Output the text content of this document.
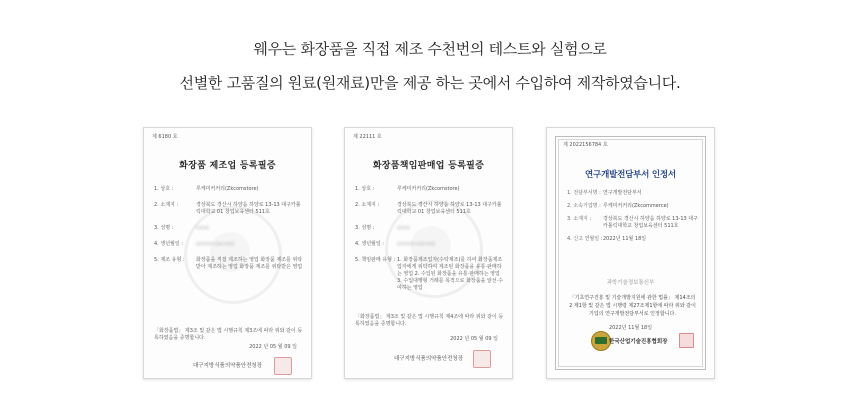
웨우는 화장품을 직접 제조 수천번의 테스트와 실험으로
선별한 고품질의 원료(원재료)만을 제공 하는 곳에서 수입하여 제작하였습니다.
제 6180 호
화장품 제조업 등록필증
1. 상호 :	루케미커커리(Zkcomstore)
2. 소재지 :	경상북도 경산시 하양읍 하양로 13-13 대구카톨릭대학교 01 창업보육센터 511호
3. 성명 :	○○○
4. 생년월일 :	○○○○-○○-○○
5. 제조 유형 :	화장품을 직접 제조하는 영업 화장품 제조를 위탁받아 제조하는 영업 화장품 제조를 위탁받은 영업
「화장품법」 제3조 및 같은 법 시행규칙 제3조에 따라 위와 같이 등록하였음을 증명합니다.
2022 년 05 월 09 일
대구지방식품의약품안전청장
제 22111 호
화장품책임판매업 등록필증
1. 상호 :	루케미커커리(Zkcomstore)
2. 소재지 :	경상북도 경산시 하양읍 하양로 13-13 대구카톨릭대학교 01 창업보육센터 511호
3. 성명 :	○○○
4. 생년월일 :	○○○○-○○-○○
5. 책임판매 유형 : 1. 화장품제조업자(수탁제조)를 하여 화장품제조업자에게 위탁하여 제조된 화장품을 유통·판매하는 영업 2. 수입된 화장품을 유통·판매하는 영업 3. 수입대행형 거래를 목적으로 화장품을 알선·수여하는 영업
「화장품법」 제3조 및 같은 법 시행규칙 제4조에 따라 위와 같이 등록하였음을 증명합니다.
2022 년 05 월 09 일
대구지방식품의약품안전청장
제 2022156784 호
연구개발전담부서 인정서
1. 전담부서명 : 연구개발전담부서
2. 소속기업명 : 루케미커커리(Zkcommerce)
3. 소재지 :	경상북도 경산시 하양읍 하양로 13-13 대구카톨릭대학교 창업보육센터 511호
4. 신고 연월일 : 2022년 11월 18일
과학기술정보통신부
「기초연구진흥 및 기술개발지원에 관한 법률」 제14조의2 제1항 및 같은 법 시행령 제27조제1항에 따라 위와 같이 기업의 연구개발전담부서로 인정합니다.
2022년 11월 18일
한국산업기술진흥협회장
